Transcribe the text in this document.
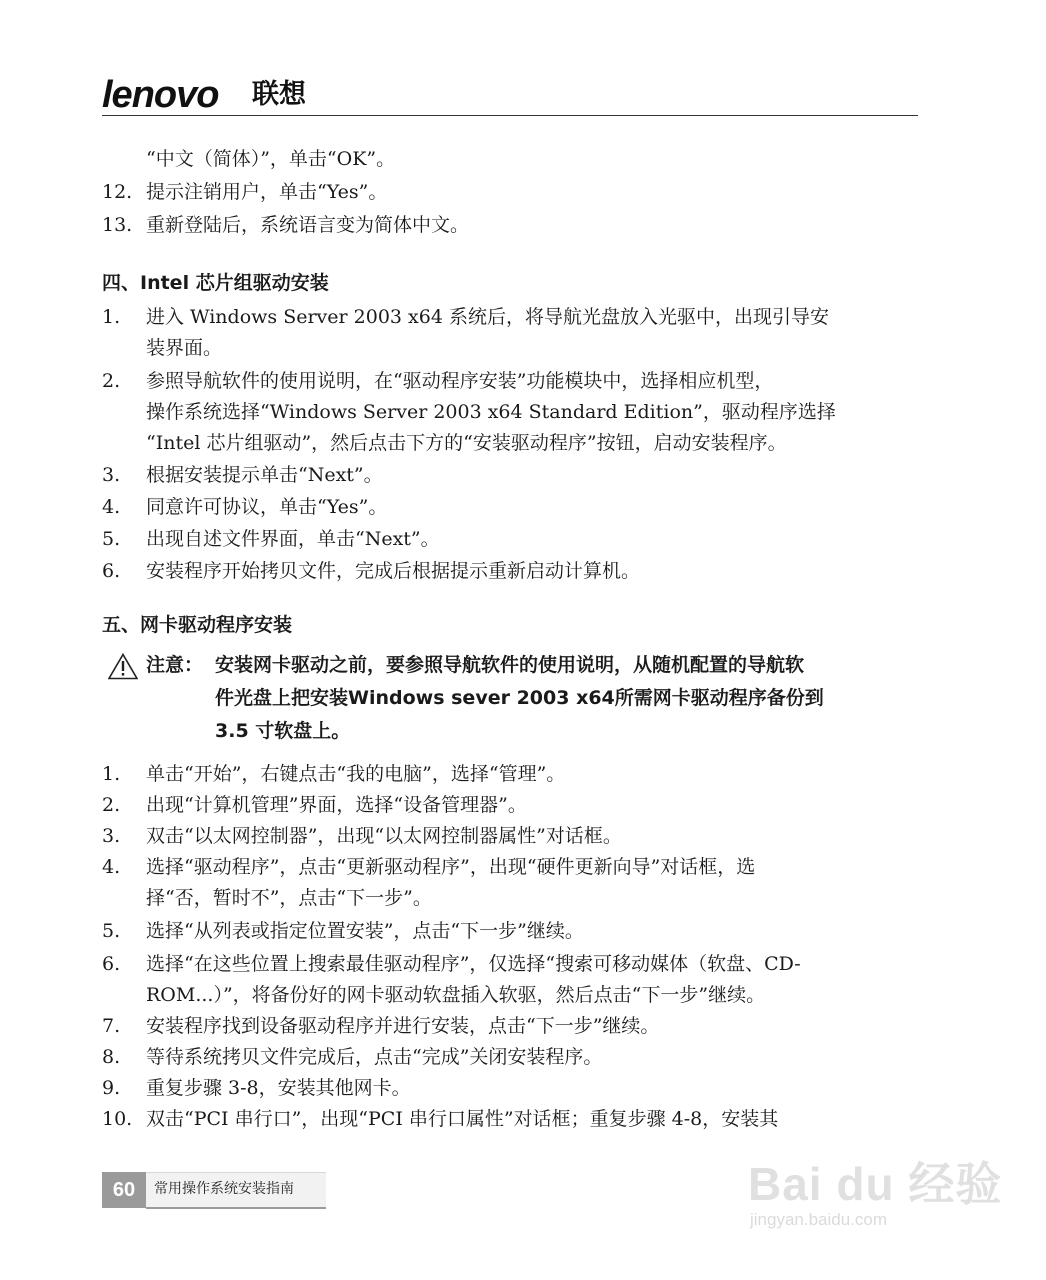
lenovo 联想
“中文（简体）”，单击“OK”。
12. 提示注销用户，单击“Yes”。
13. 重新登陆后，系统语言变为简体中文。
四、Intel 芯片组驱动安装
1.	进入 Windows Server 2003 x64 系统后，将导航光盘放入光驱中，出现引导安
装界面。
2.	参照导航软件的使用说明，在“驱动程序安装”功能模块中，选择相应机型，
操作系统选择“Windows Server 2003 x64 Standard Edition”，驱动程序选择
“Intel 芯片组驱动”，然后点击下方的“安装驱动程序”按钮，启动安装程序。
3.	根据安装提示单击“Next”。
4.	同意许可协议，单击“Yes”。
5.	出现自述文件界面，单击“Next”。
6.	安装程序开始拷贝文件，完成后根据提示重新启动计算机。
五、网卡驱动程序安装
注意： 安装网卡驱动之前，要参照导航软件的使用说明，从随机配置的导航软
件光盘上把安装Windows sever 2003 x64所需网卡驱动程序备份到
3.5 寸软盘上。
1.	单击“开始”，右键点击“我的电脑”，选择“管理”。
2.	出现“计算机管理”界面，选择“设备管理器”。
3.	双击“以太网控制器”，出现“以太网控制器属性”对话框。
4.	选择“驱动程序”，点击“更新驱动程序”，出现“硬件更新向导”对话框，选
择“否，暂时不”，点击“下一步”。
5.	选择“从列表或指定位置安装”，点击“下一步”继续。
6.	选择“在这些位置上搜索最佳驱动程序”，仅选择“搜索可移动媒体（软盘、CD-
ROM...）”，将备份好的网卡驱动软盘插入软驱，然后点击“下一步”继续。
7.	安装程序找到设备驱动程序并进行安装，点击“下一步”继续。
8.	等待系统拷贝文件完成后，点击“完成”关闭安装程序。
9.	重复步骤 3-8，安装其他网卡。
10. 双击“PCI 串行口”，出现“PCI 串行口属性”对话框；重复步骤 4-8，安装其
60	常用操作系统安装指南	Bai du 经验
jingyan.baidu.com
